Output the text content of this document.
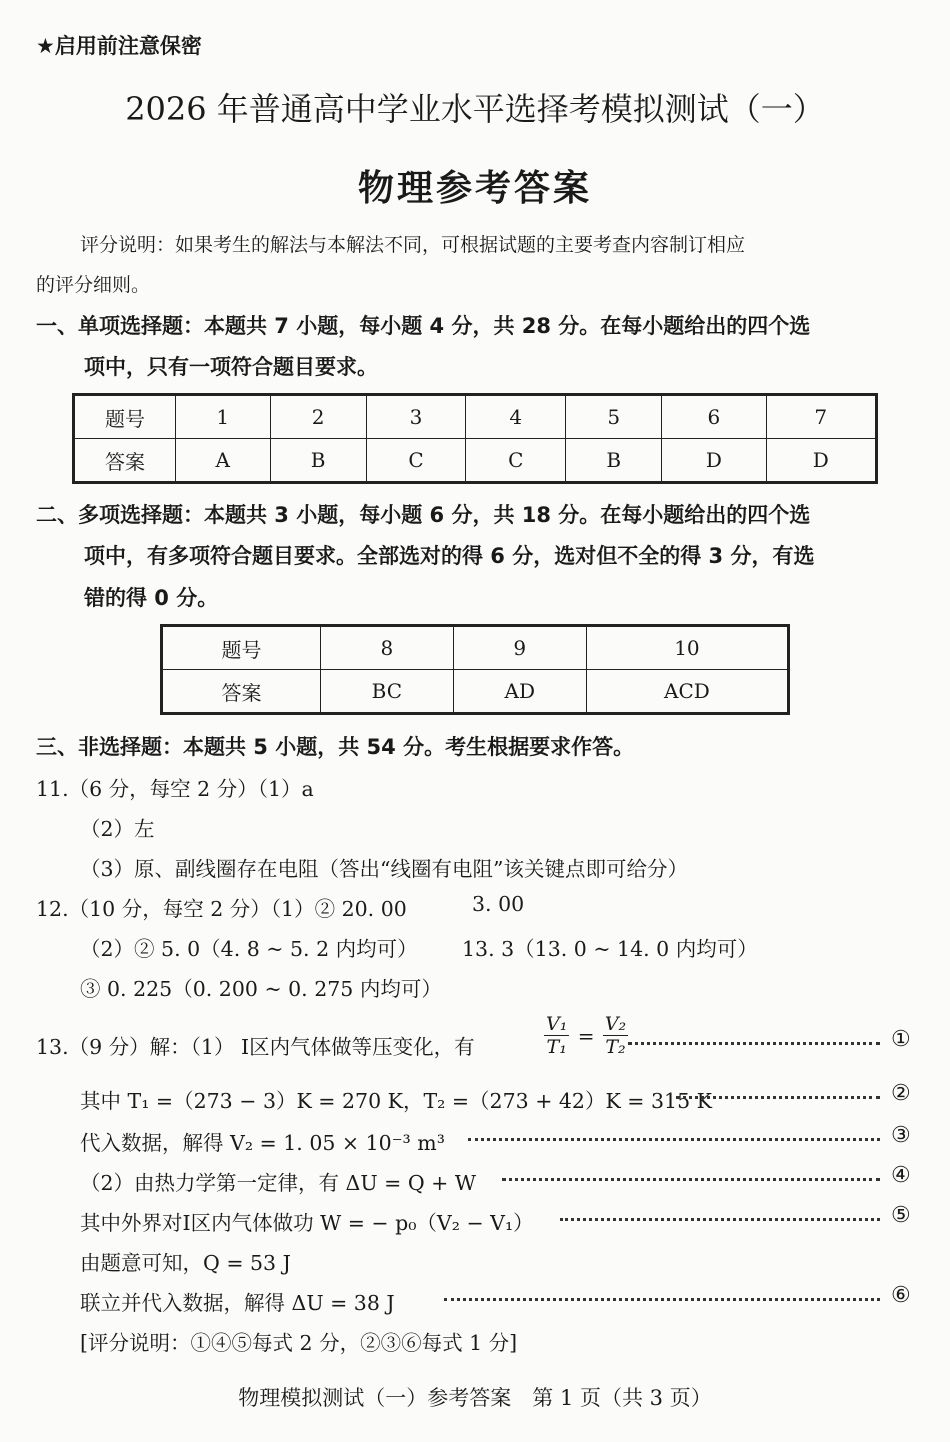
★启用前注意保密
2026 年普通高中学业水平选择考模拟测试（一）
物理参考答案
评分说明：如果考生的解法与本解法不同，可根据试题的主要考查内容制订相应
的评分细则。
一、单项选择题：本题共 7 小题，每小题 4 分，共 28 分。在每小题给出的四个选
项中，只有一项符合题目要求。
题号	1	2	3	4	5	6	7
答案	A	B	C	C	B	D	D
二、多项选择题：本题共 3 小题，每小题 6 分，共 18 分。在每小题给出的四个选
项中，有多项符合题目要求。全部选对的得 6 分，选对但不全的得 3 分，有选
错的得 0 分。
题号	8	9	10
答案	BC	AD	ACD
三、非选择题：本题共 5 小题，共 54 分。考生根据要求作答。
11.（6 分，每空 2 分）（1）a
（2）左
（3）原、副线圈存在电阻（答出“线圈有电阻”该关键点即可给分）
12.（10 分，每空 2 分）（1）② 20. 00	3. 00
（2）② 5. 0（4. 8 ~ 5. 2 内均可） 13. 3（13. 0 ~ 14. 0 内均可）
③ 0. 225（0. 200 ~ 0. 275 内均可）
13.（9 分）解：（1） Ⅰ区内气体做等压变化，有	$\frac{\text{V₁}}{\text{T₁}} = \frac{\text{V₂}}{\text{T₂}}$	①
其中 T₁ =（273 − 3）K = 270 K，T₂ =（273 + 42）K = 315 K	②
代入数据，解得 V₂ = 1. 05 × 10⁻³ m³	③
（2）由热力学第一定律，有 ΔU = Q + W	④
其中外界对Ⅰ区内气体做功 W = − p₀（V₂ − V₁）	⑤
由题意可知，Q = 53 J
联立并代入数据，解得 ΔU = 38 J	⑥
[评分说明：①④⑤每式 2 分，②③⑥每式 1 分]
物理模拟测试（一）参考答案　第 1 页（共 3 页）
